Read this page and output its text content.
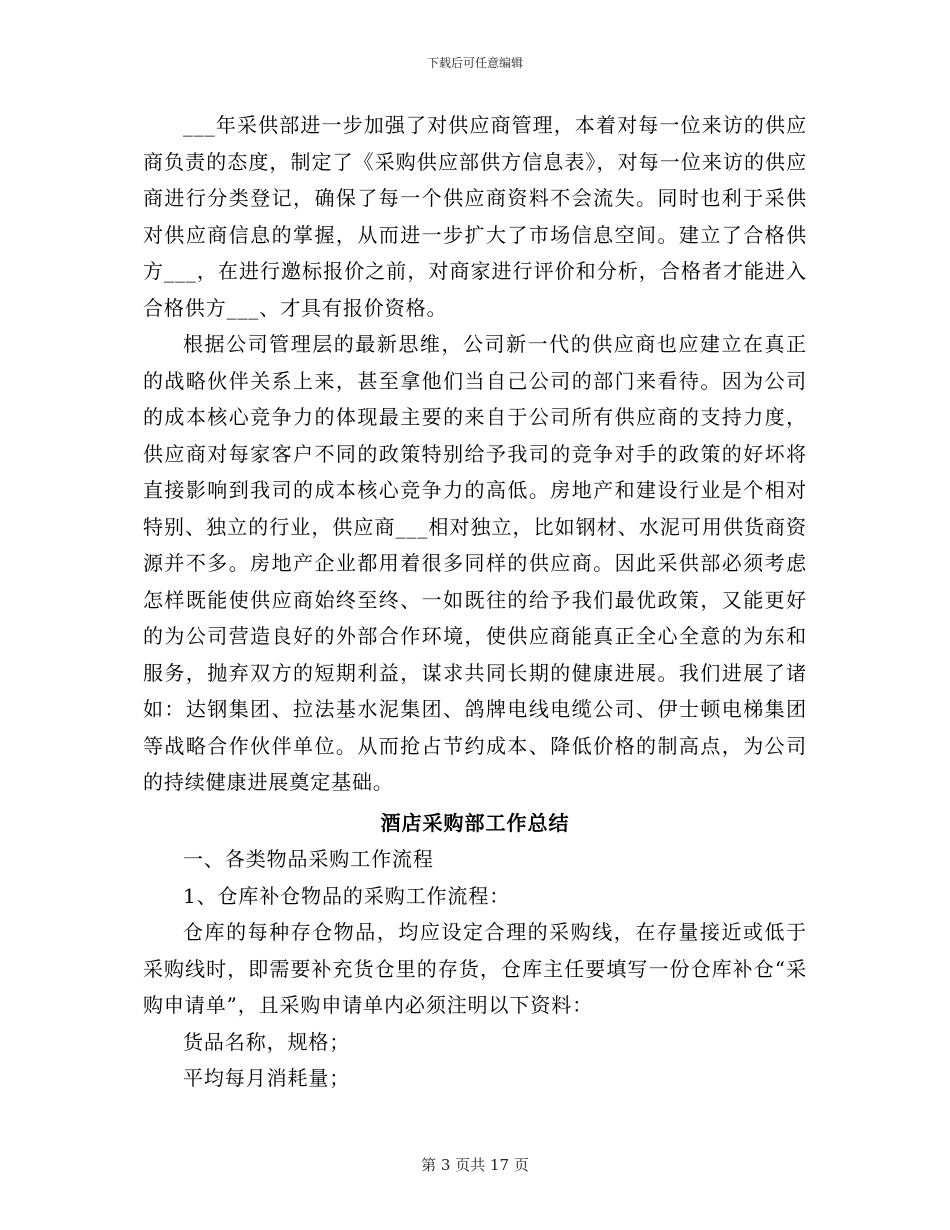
下载后可任意编辑

___年采供部进一步加强了对供应商管理，本着对每一位来访的供应商负责的态度，制定了《采购供应部供方信息表》，对每一位来访的供应商进行分类登记，确保了每一个供应商资料不会流失。同时也利于采供对供应商信息的掌握，从而进一步扩大了市场信息空间。建立了合格供方___，在进行邀标报价之前，对商家进行评价和分析，合格者才能进入合格供方___、才具有报价资格。

根据公司管理层的最新思维，公司新一代的供应商也应建立在真正的战略伙伴关系上来，甚至拿他们当自己公司的部门来看待。因为公司的成本核心竞争力的体现最主要的来自于公司所有供应商的支持力度，供应商对每家客户不同的政策特别给予我司的竞争对手的政策的好坏将直接影响到我司的成本核心竞争力的高低。房地产和建设行业是个相对特别、独立的行业，供应商___相对独立，比如钢材、水泥可用供货商资源并不多。房地产企业都用着很多同样的供应商。因此采供部必须考虑怎样既能使供应商始终至终、一如既往的给予我们最优政策，又能更好的为公司营造良好的外部合作环境，使供应商能真正全心全意的为东和服务，抛弃双方的短期利益，谋求共同长期的健康进展。我们进展了诸如：达钢集团、拉法基水泥集团、鸽牌电线电缆公司、伊士顿电梯集团等战略合作伙伴单位。从而抢占节约成本、降低价格的制高点，为公司的持续健康进展奠定基础。

酒店采购部工作总结

一、各类物品采购工作流程

1、仓库补仓物品的采购工作流程：

仓库的每种存仓物品，均应设定合理的采购线，在存量接近或低于采购线时，即需要补充货仓里的存货，仓库主任要填写一份仓库补仓“采购申请单”，且采购申请单内必须注明以下资料：

货品名称，规格；

平均每月消耗量；

第 3 页共 17 页
